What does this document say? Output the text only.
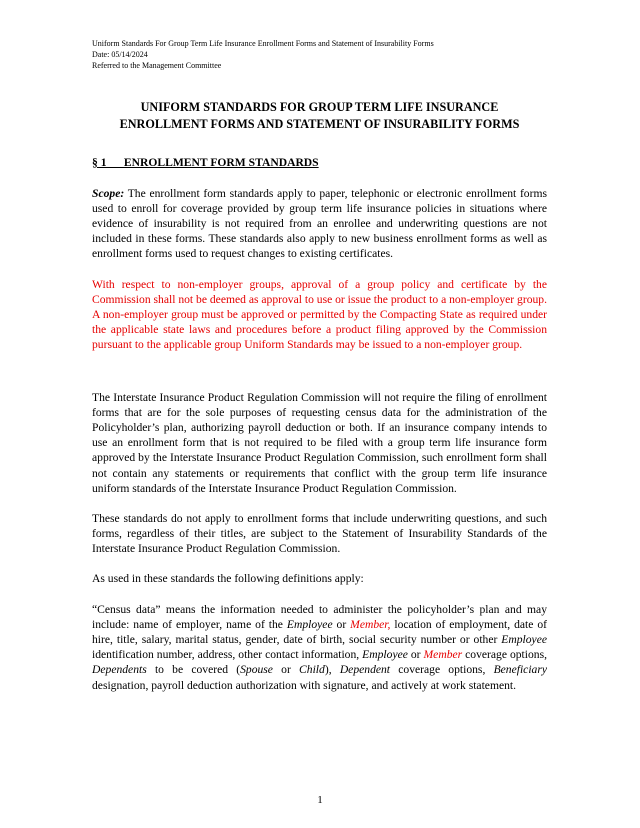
Uniform Standards For Group Term Life Insurance Enrollment Forms and Statement of Insurability Forms
Date: 05/14/2024
Referred to the Management Committee
UNIFORM STANDARDS FOR GROUP TERM LIFE INSURANCE
ENROLLMENT FORMS AND STATEMENT OF INSURABILITY FORMS
§ 1      ENROLLMENT FORM STANDARDS

Scope: The enrollment form standards apply to paper, telephonic or electronic enrollment forms used to enroll for coverage provided by group term life insurance policies in situations where evidence of insurability is not required from an enrollee and underwriting questions are not included in these forms. These standards also apply to new business enrollment forms as well as enrollment forms used to request changes to existing certificates.

With respect to non-employer groups, approval of a group policy and certificate by the Commission shall not be deemed as approval to use or issue the product to a non-employer group. A non-employer group must be approved or permitted by the Compacting State as required under the applicable state laws and procedures before a product filing approved by the Commission pursuant to the applicable group Uniform Standards may be issued to a non-employer group.

The Interstate Insurance Product Regulation Commission will not require the filing of enrollment forms that are for the sole purposes of requesting census data for the administration of the Policyholder’s plan, authorizing payroll deduction or both. If an insurance company intends to use an enrollment form that is not required to be filed with a group term life insurance form approved by the Interstate Insurance Product Regulation Commission, such enrollment form shall not contain any statements or requirements that conflict with the group term life insurance uniform standards of the Interstate Insurance Product Regulation Commission.

These standards do not apply to enrollment forms that include underwriting questions, and such forms, regardless of their titles, are subject to the Statement of Insurability Standards of the Interstate Insurance Product Regulation Commission.

As used in these standards the following definitions apply:

“Census data” means the information needed to administer the policyholder’s plan and may include: name of employer, name of the Employee or Member, location of employment, date of hire, title, salary, marital status, gender, date of birth, social security number or other Employee identification number, address, other contact information, Employee or Member coverage options, Dependents to be covered (Spouse or Child), Dependent coverage options, Beneficiary designation, payroll deduction authorization with signature, and actively at work statement.

1
